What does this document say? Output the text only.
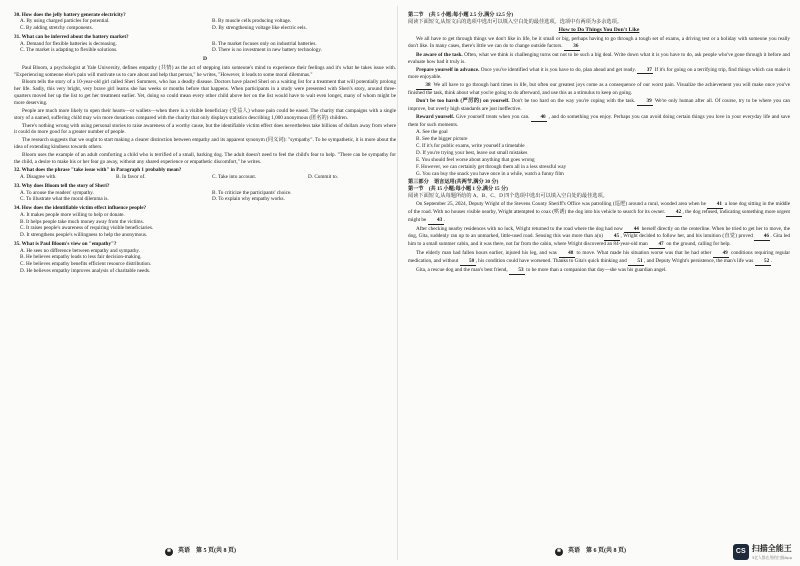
30. How does the jelly battery generate electricity?
A. By using charged particles for potential.	B. By muscle cells producing voltage.
C. By adding stretchy components.	D. By strengthening voltage like electric eels.
31. What can be inferred about the battery market?
A. Demand for flexible batteries is decreasing.	B. The market focuses only on industrial batteries.
C. The market is adapting to flexible solutions.	D. There is no investment in new battery technology.
D
Paul Bloom, a psychologist at Yale University, defines empathy (共情) as the act of stepping into someone's mind to experience their feelings and it's what he takes issue with. "Experiencing someone else's pain will motivate us to care about and help that person," he writes, "However, it leads to some moral dilemmas."
Bloom tells the story of a 10-year-old girl called Sheri Summers, who has a deadly disease. Doctors have placed Sheri on a waiting list for a treatment that will potentially prolong her life. Sadly, this very bright, very brave girl learns she has weeks or months before that happens. When participants in a study were presented with Sheri's story, around three-quarters moved her up the list to get her treatment earlier. Yet, doing so could mean every other child above her on the list would have to wait even longer, many of whom might be more deserving.
People are much more likely to open their hearts—or wallets—when there is a visible beneficiary (受益人) whose pain could be eased. The charity that campaigns with a single story of a named, suffering child may win more donations compared with the charity that only displays statistics describing 1,000 anonymous (匿名的) children.
There's nothing wrong with using personal stories to raise awareness of a worthy cause, but the identifiable victim effect does nevertheless take billions of dollars away from where it could do more good for a greater number of people.
The research suggests that we ought to start making a clearer distinction between empathy and its apparent synonym (同义词): "sympathy". To be sympathetic, it is more about the idea of extending kindness towards others.
Bloom uses the example of an adult comforting a child who is terrified of a small, barking dog. The adult doesn't need to feel the child's fear to help. "There can be sympathy for the child, a desire to make his or her fear go away, without any shared experience or empathetic discomfort," he writes.
32. What does the phrase "take issue with" in Paragraph 1 probably mean?
A. Disagree with.	B. In favor of.	C. Take into account.	D. Commit to.
33. Why does Bloom tell the story of Sheri?
A. To arouse the readers' sympathy.	B. To criticize the participants' choice.
C. To illustrate what the moral dilemma is.	D. To explain why empathy works.
34. How does the identifiable victim effect influence people?
A. It makes people more willing to help or donate.
B. It helps people take much money away from the victims.
C. It raises people's awareness of requiring visible beneficiaries.
D. It strengthens people's willingness to help the anonymous.
35. What is Paul Bloom's view on "empathy"?
A. He sees no difference between empathy and sympathy.
B. He believes empathy leads to less fair decision-making.
C. He believes empathy benefits efficient resource distribution.
D. He believes empathy improves analysis of charitable needs.
第二节　(共 5 小题;每小题 2.5 分,满分 12.5 分)
阅读下面短文,从短文后的选项中选出可以填入空白处的最佳选项。选项中有两项为多余选项。
How to Do Things You Don't Like
We all have to get through things we don't like in life, be it small or big, perhaps having to go through a tough set of exams, a driving test or a holiday with someone you really don't like. In many cases, there's little we can do to change outside factors. 36
Be aware of the task. Often, what we think is challenging turns out not to be such a big deal. Write down what it is you have to do, ask people who've gone through it before and evaluate how bad it truly is.
Prepare yourself in advance. Once you've identified what it is you have to do, plan ahead and get ready. 37 If it's for going on a terrifying trip, find things which can make it more enjoyable.
38 We all have to go through hard times in life, but often our greatest joys come as a consequence of our worst pain. Visualize the achievement you will make once you've finished the task, think about what you're going to do afterward, and use this as a stimulus to keep on going.
Don't be too harsh (严厉的) on yourself. Don't be too hard on the way you're coping with the task. 39 We're only human after all. Of course, try to be where you can improve, but overly high standards are just ineffective.
Reward yourself. Give yourself treats when you can. 40 , and do something you enjoy. Perhaps you can avoid doing certain things you love in your everyday life and save them for such moments.
A. See the goal
B. See the bigger picture
C. If it's for public exams, write yourself a timetable
D. If you're trying your best, leave out small mistakes
E. You should feel worse about anything that goes wrong
F. However, we can certainly get through them all in a less stressful way
G. You can buy the snack you have once in a while, watch a funny film
第三部分　语言运用(共两节,满分 30 分)
第一节　(共 15 小题;每小题 1 分,满分 15 分)
阅读下面短文,从每题所给的 A、B、C、D 四个选项中选出可以填入空白处的最佳选项。
On September 25, 2024, Deputy Wright of the Stevens County Sheriff's Office was patrolling (巡逻) around a rural, wooded area when he 41 a lone dog sitting in the middle of the road. With no houses visible nearby, Wright attempted to coax (哄诱) the dog into his vehicle to search for its owner. 42, the dog refused, indicating something more urgent might be 43.
After checking nearby residences with no luck, Wright returned to the road where the dog had now 44 herself directly on the centerline. When he tried to get her to move, the dog, Gita, suddenly ran up to an unmarked, little-used road. Sensing this was more than a(n) 45, Wright decided to follow her, and his intuition (直觉) proved 46. Gita led him to a small summer cabin, and it was there, not far from the cabin, where Wright discovered an 84-year-old man 47 on the ground, calling for help.
The elderly man had fallen hours earlier, injured his leg, and was 48 to move. What made his situation worse was that he had other 49 conditions requiring regular medication, and without 50, his condition could have worsened. Thanks to Gita's quick thinking and 51, and Deputy Wright's persistence, the man's life was 52.
Gita, a rescue dog and the man's best friend, 53 to be more than a companion that day—she was his guardian angel.
❀	英语　第 5 页(共 8 页)	❀	英语　第 6 页(共 8 页)	CS 扫描全能王
3亿人都在用的扫描App
